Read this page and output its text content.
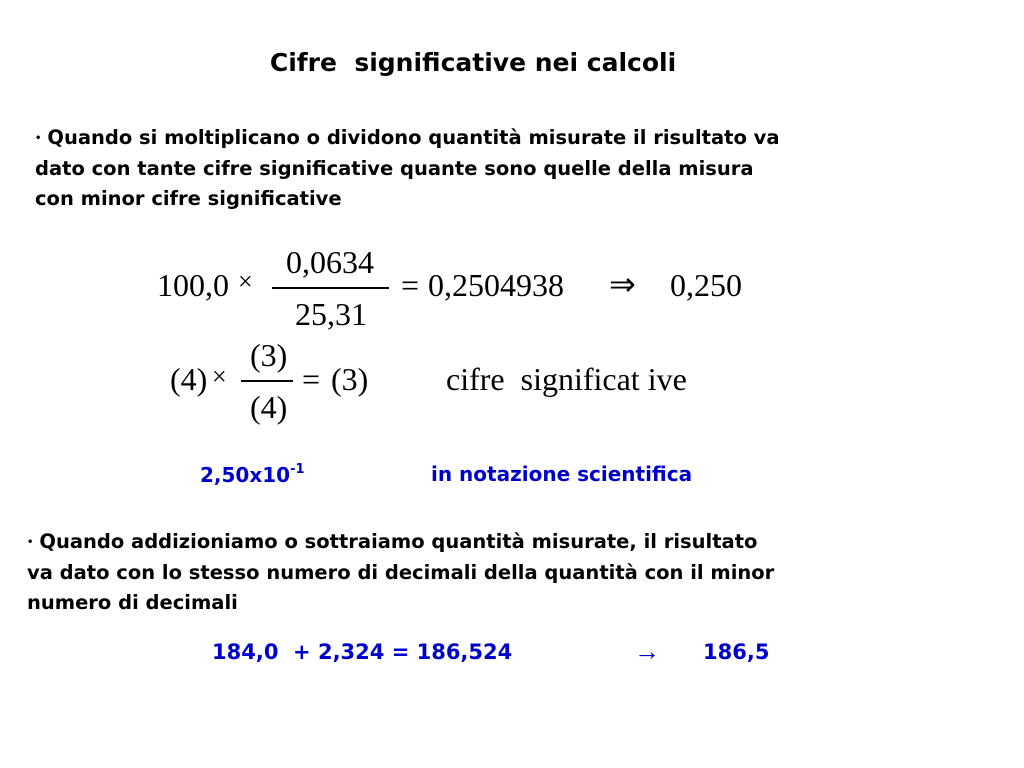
Cifre  significative nei calcoli
• Quando si moltiplicano o dividono quantità misurate il risultato va
dato con tante cifre significative quante sono quelle della misura
con minor cifre significative
100,0 ×
0,0634
25,31
= 0,2504938 ⇒ 0,250
(4) ×
(3)
(4)
= (3) cifre  significat ive
$2,50x10^{-1}$	in notazione scientifica
• Quando addizioniamo o sottraiamo quantità misurate, il risultato
va dato con lo stesso numero di decimali della quantità con il minor
numero di decimali
184,0  + 2,324 = 186,524	→ 186,5
